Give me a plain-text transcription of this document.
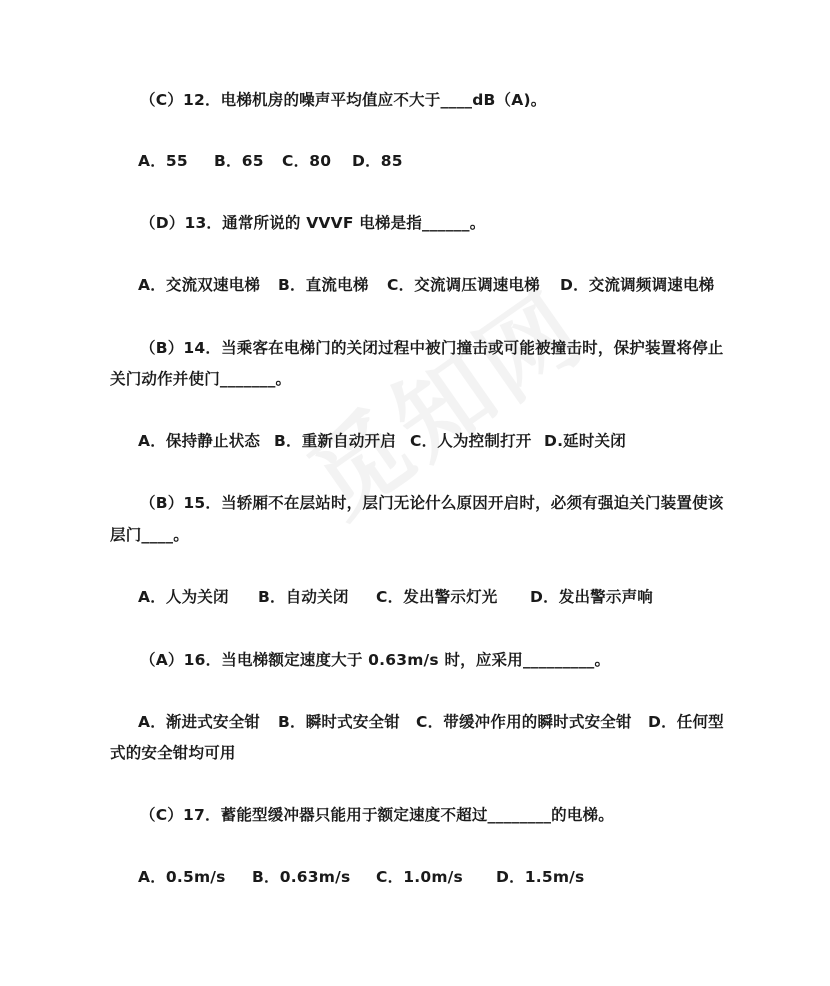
（C）12．电梯机房的噪声平均值应不大于____dB（A)。
A．55 B．65 C．80 D．85
（D）13．通常所说的 VVVF 电梯是指______。
A．交流双速电梯 B．直流电梯 C．交流调压调速电梯 D．交流调频调速电梯
（B）14．当乘客在电梯门的关闭过程中被门撞击或可能被撞击时，保护装置将停止
关门动作并使门_______。
A．保持静止状态 B．重新自动开启 C．人为控制打开 D.延时关闭
（B）15．当轿厢不在层站时，层门无论什么原因开启时，必须有强迫关门装置使该
层门____。
A．人为关闭 B．自动关闭 C．发出警示灯光 D．发出警示声响
（A）16．当电梯额定速度大于 0.63m/s 时，应采用_________。
A．渐进式安全钳 B．瞬时式安全钳 C．带缓冲作用的瞬时式安全钳 D．任何型
式的安全钳均可用
（C）17．蓄能型缓冲器只能用于额定速度不超过________的电梯。
A．0.5m/s B．0.63m/s C．1.0m/s D．1.5m/s
